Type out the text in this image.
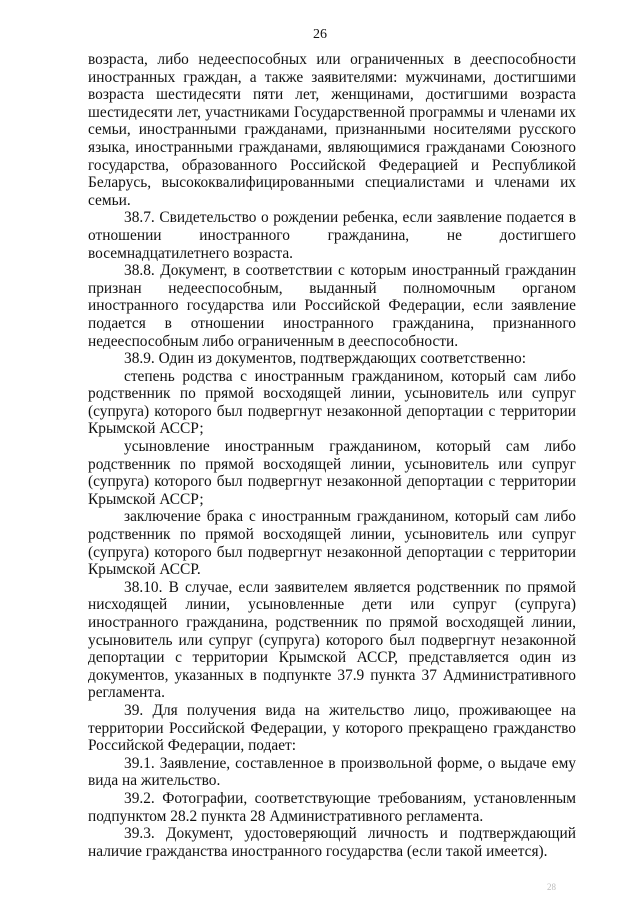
26

возраста, либо недееспособных или ограниченных в дееспособности иностранных граждан, а также заявителями: мужчинами, достигшими возраста шестидесяти пяти лет, женщинами, достигшими возраста шестидесяти лет, участниками Государственной программы и членами их семьи, иностранными гражданами, признанными носителями русского языка, иностранными гражданами, являющимися гражданами Союзного государства, образованного Российской Федерацией и Республикой Беларусь, высококвалифицированными специалистами и членами их семьи.

38.7. Свидетельство о рождении ребенка, если заявление подается в отношении иностранного гражданина, не достигшего восемнадцатилетнего возраста.

38.8. Документ, в соответствии с которым иностранный гражданин признан недееспособным, выданный полномочным органом иностранного государства или Российской Федерации, если заявление подается в отношении иностранного гражданина, признанного недееспособным либо ограниченным в дееспособности.

38.9. Один из документов, подтверждающих соответственно:

степень родства с иностранным гражданином, который сам либо родственник по прямой восходящей линии, усыновитель или супруг (супруга) которого был подвергнут незаконной депортации с территории Крымской АССР;

усыновление иностранным гражданином, который сам либо родственник по прямой восходящей линии, усыновитель или супруг (супруга) которого был подвергнут незаконной депортации с территории Крымской АССР;

заключение брака с иностранным гражданином, который сам либо родственник по прямой восходящей линии, усыновитель или супруг (супруга) которого был подвергнут незаконной депортации с территории Крымской АССР.

38.10. В случае, если заявителем является родственник по прямой нисходящей линии, усыновленные дети или супруг (супруга) иностранного гражданина, родственник по прямой восходящей линии, усыновитель или супруг (супруга) которого был подвергнут незаконной депортации с территории Крымской АССР, представляется один из документов, указанных в подпункте 37.9 пункта 37 Административного регламента.

39. Для получения вида на жительство лицо, проживающее на территории Российской Федерации, у которого прекращено гражданство Российской Федерации, подает:

39.1. Заявление, составленное в произвольной форме, о выдаче ему вида на жительство.

39.2. Фотографии, соответствующие требованиям, установленным подпунктом 28.2 пункта 28 Административного регламента.

39.3. Документ, удостоверяющий личность и подтверждающий наличие гражданства иностранного государства (если такой имеется).

28
